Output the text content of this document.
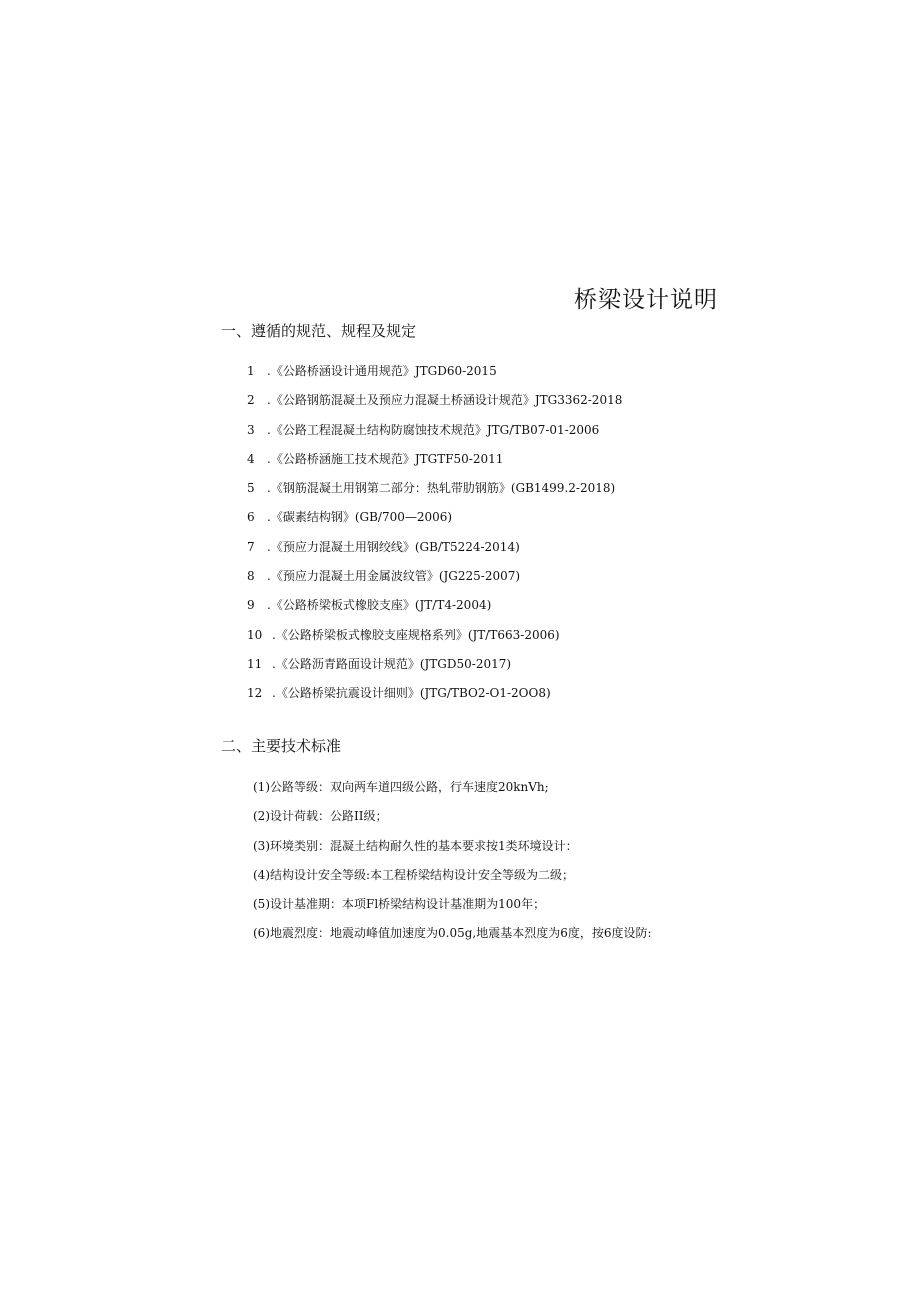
桥梁设计说明
一、遵循的规范、规程及规定
1 .《公路桥涵设计通用规范》JTGD60-2015
2 .《公路钢筋混凝土及预应力混凝土桥涵设计规范》JTG3362-2018
3 .《公路工程混凝土结构防腐蚀技术规范》JTG/TB07-01-2006
4 .《公路桥涵施工技术规范》JTGTF50-2011
5 .《钢筋混凝土用钢第二部分：热轧带肋钢筋》(GB1499.2-2018)
6 .《碳素结构钢》(GB/700—2006)
7 .《预应力混凝土用钢绞线》(GB/T5224-2014)
8 .《预应力混凝土用金属波纹管》(JG225-2007)
9 .《公路桥梁板式橡胶支座》(JT/T4-2004)
10 .《公路桥梁板式橡胶支座规格系列》(JT/T663-2006)
11 .《公路沥青路面设计规范》(JTGD50-2017)
12 .《公路桥梁抗震设计细则》(JTG/TBO2-O1-2OO8)
二、主要技术标准
(1)公路等级：双向两车道四级公路，行车速度20knVh;
(2)设计荷载：公路II级；
(3)环境类别：混凝土结构耐久性的基本要求按1类环境设计：
(4)结构设计安全等级:本工程桥梁结构设计安全等级为二级；
(5)设计基准期：本项Fl桥梁结构设计基准期为100年；
(6)地震烈度：地震动峰值加速度为0.05g,地震基本烈度为6度，按6度设防:
